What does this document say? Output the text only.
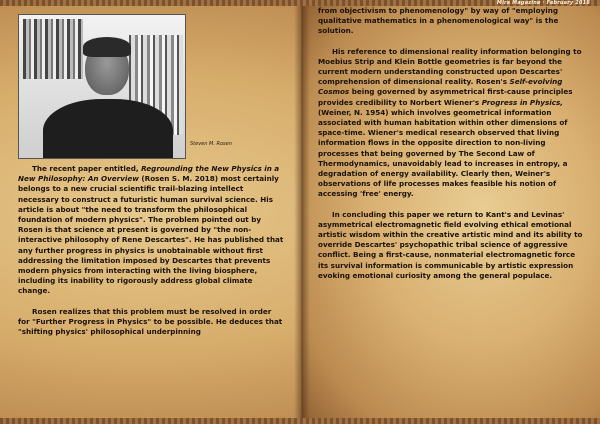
Mira Magazine · February 2018
Steven M. Rosen

The recent paper entitled, Regrounding the New Physics in a New Philosophy: An Overview (Rosen S. M. 2018) most certainly belongs to a new crucial scientific trail-blazing intellect necessary to construct a futuristic human survival science. His article is about "the need to transform the philosophical foundation of modern physics". The problem pointed out by Rosen is that science at present is governed by "the non-interactive philosophy of Rene Descartes". He has published that

any further progress in physics is unobtainable without first addressing the limitation imposed by Descartes that prevents modern physics from interacting with the living biosphere, including its inability to rigorously address global climate change.

Rosen realizes that this problem must be resolved in order for "Further Progress in Physics" to be possible. He deduces that "shifting physics' philosophical underpinning

from objectivism to phenomenology" by way of "employing qualitative mathematics in a phenomenological way" is the solution.

His reference to dimensional reality information belonging to Moebius Strip and Klein Bottle geometries is far beyond the current modern understanding constructed upon Descartes' comprehension of dimensional reality. Rosen's Self-evolving Cosmos being governed by asymmetrical first-cause principles provides credibility to Norbert Wiener's Progress in Physics, (Weiner, N. 1954) which involves geometrical information associated with human habitation within other dimensions of space-time. Wiener's medical research observed that living information flows in the opposite direction to non-living processes that being governed by The Second Law of Thermodynamics, unavoidably lead to increases in entropy, a degradation of energy availability. Clearly then, Weiner's observations of life processes makes feasible his notion of accessing 'free' energy.

In concluding this paper we return to Kant's and Levinas' asymmetrical electromagnetic field evolving ethical emotional artistic wisdom within the creative artistic mind and its ability to override Descartes' psychopathic tribal science of aggressive conflict. Being a first-cause, nonmaterial electromagnetic force its survival information is communicable by artistic expression evoking emotional curiosity among the general populace.
